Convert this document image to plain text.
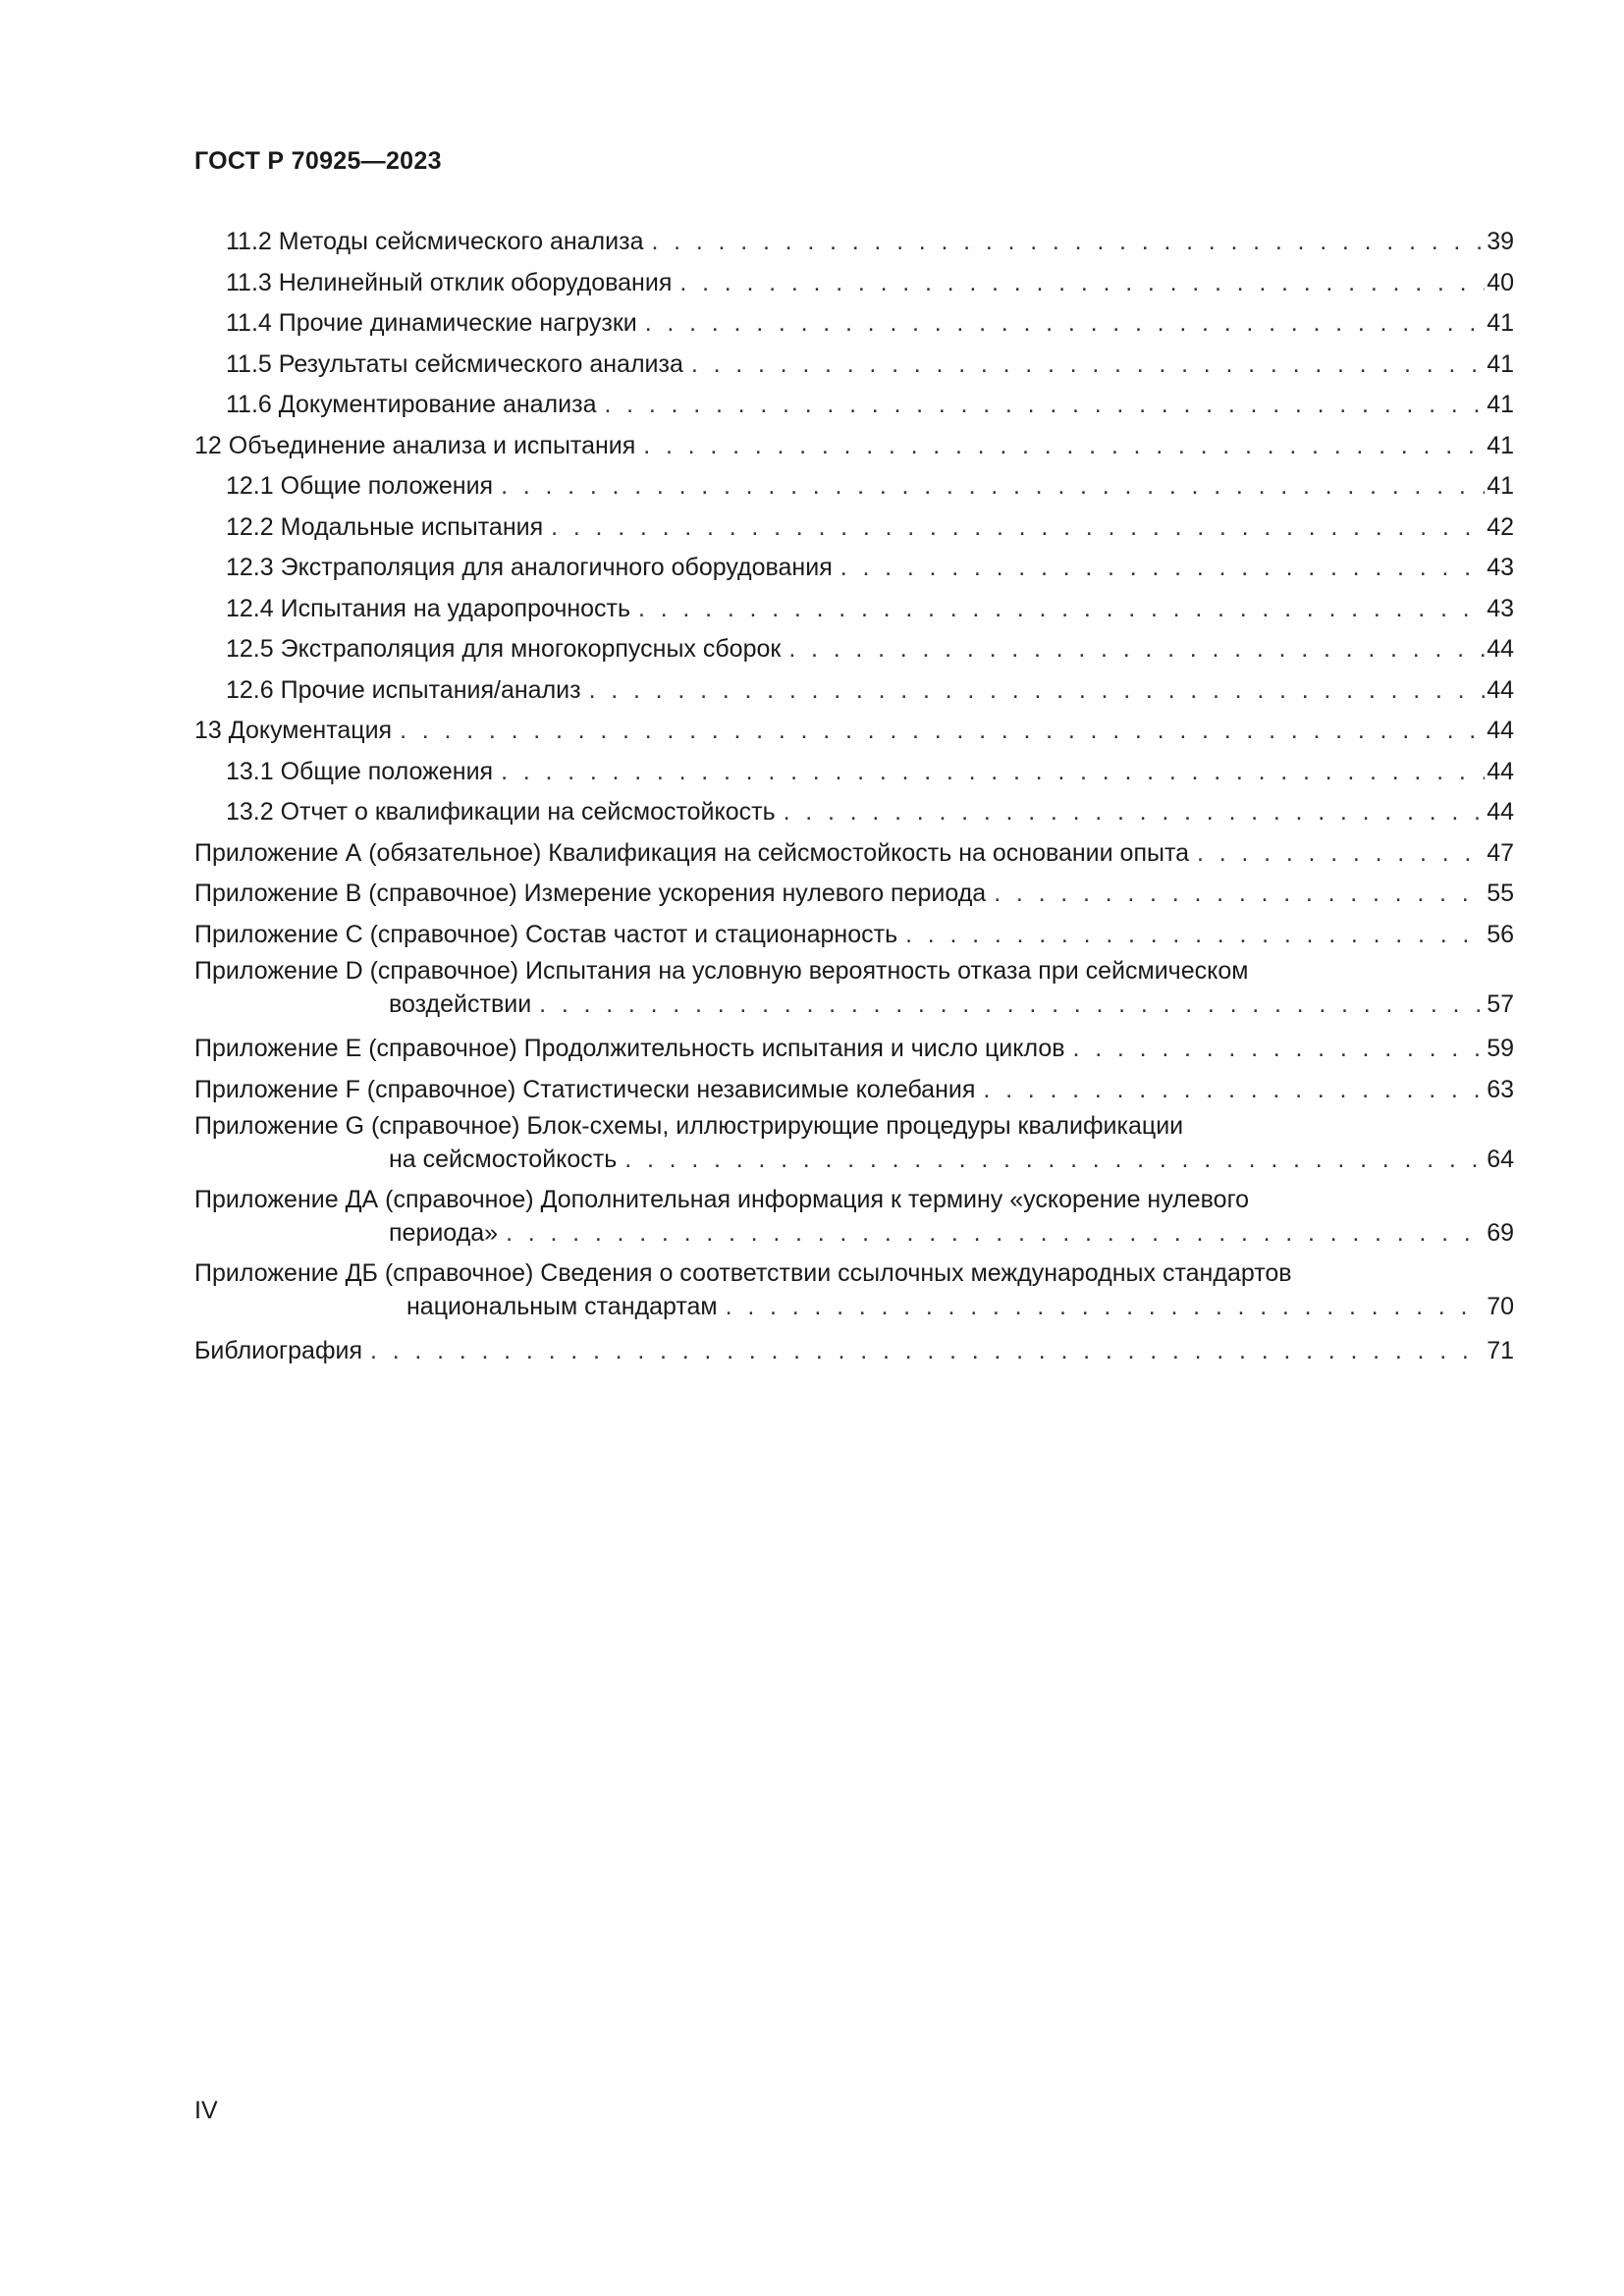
ГОСТ Р 70925—2023
11.2 Методы сейсмического анализа . . .	39
11.3 Нелинейный отклик оборудования . . .	40
11.4 Прочие динамические нагрузки . . .	41
11.5 Результаты сейсмического анализа . . .	41
11.6 Документирование анализа . . .	41
12 Объединение анализа и испытания . . .	41
12.1 Общие положения . . .	41
12.2 Модальные испытания . . .	42
12.3 Экстраполяция для аналогичного оборудования . . .	43
12.4 Испытания на ударопрочность . . .	43
12.5 Экстраполяция для многокорпусных сборок . . .	44
12.6 Прочие испытания/анализ . . .	44
13 Документация . . .	44
13.1 Общие положения . . .	44
13.2 Отчет о квалификации на сейсмостойкость . . .	44
Приложение А (обязательное) Квалификация на сейсмостойкость на основании опыта . . .	47
Приложение В (справочное) Измерение ускорения нулевого периода . . .	55
Приложение С (справочное) Состав частот и стационарность . . .	56
Приложение D (справочное) Испытания на условную вероятность отказа при сейсмическом
воздействии . . .	57
Приложение Е (справочное) Продолжительность испытания и число циклов . . .	59
Приложение F (справочное) Статистически независимые колебания . . .	63
Приложение G (справочное) Блок-схемы, иллюстрирующие процедуры квалификации
на сейсмостойкость . . .	64
Приложение ДА (справочное) Дополнительная информация к термину «ускорение нулевого
периода» . . .	69
Приложение ДБ (справочное) Сведения о соответствии ссылочных международных стандартов
национальным стандартам . . .	70
Библиография . . .	71
IV
